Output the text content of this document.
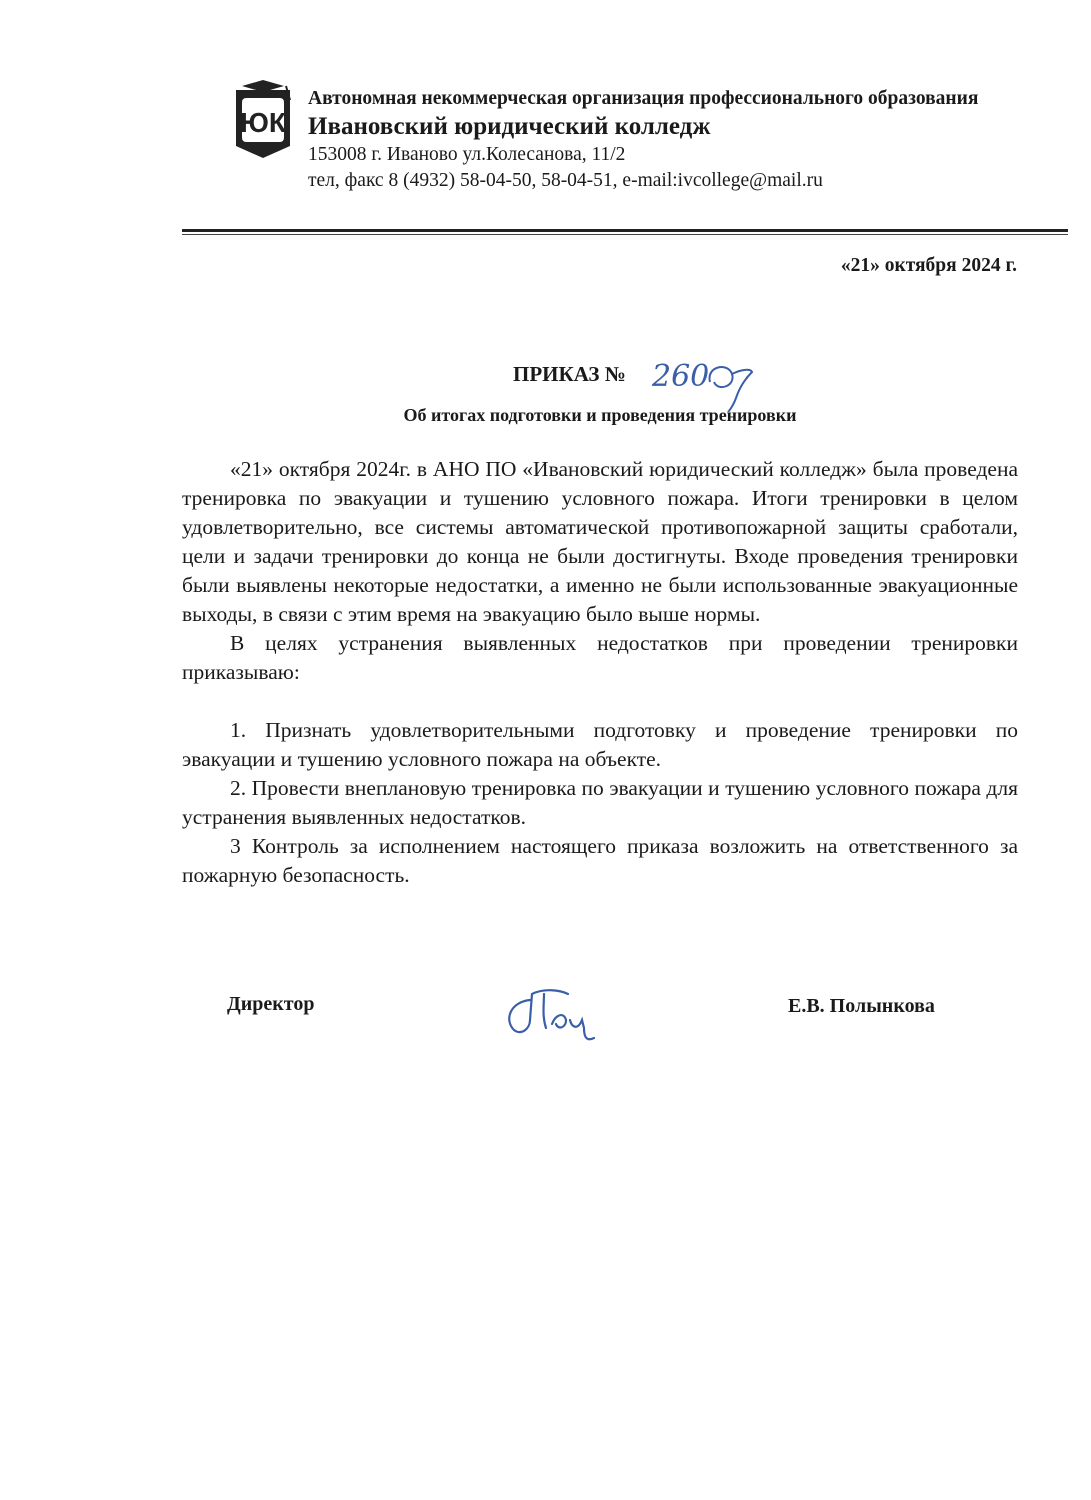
ЮК
Автономная некоммерческая организация профессионального образования
Ивановский юридический колледж
153008 г. Иваново ул.Колесанова, 11/2
тел, факс 8 (4932) 58-04-50, 58-04-51, e-mail:ivcollege@mail.ru
«21» октября 2024 г.
ПРИКАЗ № 260
Об итогах подготовки и проведения тренировки

«21» октября 2024г. в АНО ПО «Ивановский юридический колледж» была проведена тренировка по эвакуации и тушению условного пожара. Итоги тренировки в целом удовлетворительно, все системы автоматической противопожарной защиты сработали, цели и задачи тренировки до конца не были достигнуты. Входе проведения тренировки были выявлены некоторые недостатки, а именно не были использованные эвакуационные выходы, в связи с этим время на эвакуацию было выше нормы.

В целях устранения выявленных недостатков при проведении тренировки приказываю:

1. Признать удовлетворительными подготовку и проведение тренировки по эвакуации и тушению условного пожара на объекте.

2. Провести внеплановую тренировка по эвакуации и тушению условного пожара для устранения выявленных недостатков.

3 Контроль за исполнением настоящего приказа возложить на ответственного за пожарную безопасность.

Директор	Е.В. Полынкова
